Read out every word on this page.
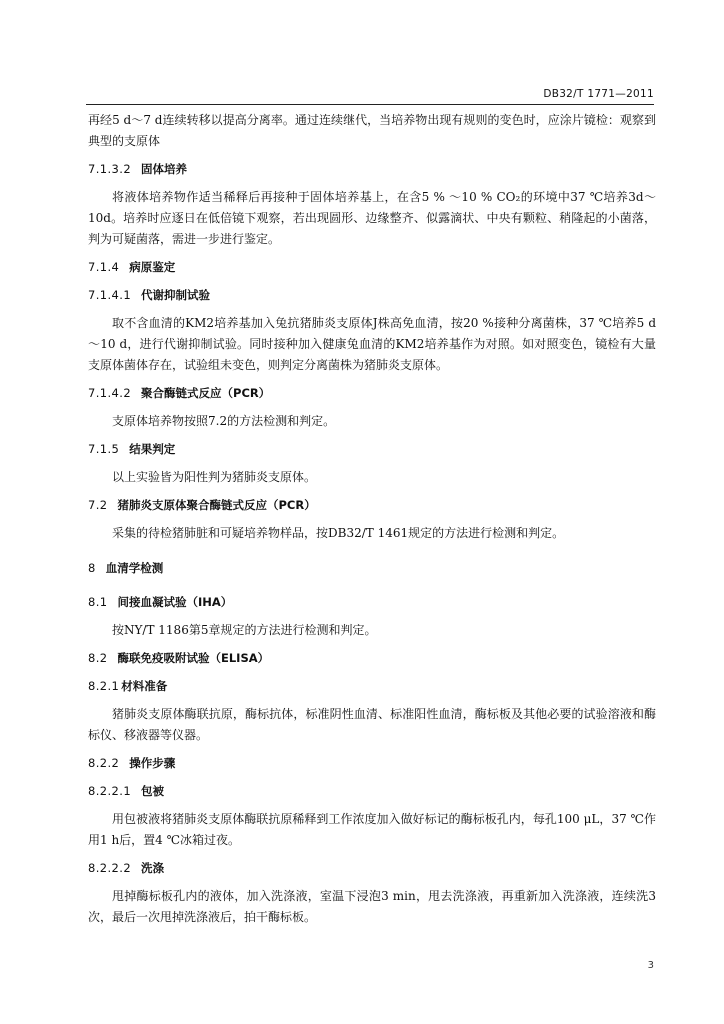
DB32/T 1771—2011

再经5 d～7 d连续转移以提高分离率。通过连续继代，当培养物出现有规则的变色时，应涂片镜检：观察到典型的支原体

7.1.3.2 固体培养

将液体培养物作适当稀释后再接种于固体培养基上，在含5 % ～10 % CO₂的环境中37 ℃培养3d～10d。培养时应逐日在低倍镜下观察，若出现圆形、边缘整齐、似露滴状、中央有颗粒、稍隆起的小菌落，判为可疑菌落，需进一步进行鉴定。

7.1.4 病原鉴定
7.1.4.1 代谢抑制试验

取不含血清的KM2培养基加入兔抗猪肺炎支原体J株高免血清，按20 %接种分离菌株，37 ℃培养5 d～10 d，进行代谢抑制试验。同时接种加入健康兔血清的KM2培养基作为对照。如对照变色，镜检有大量支原体菌体存在，试验组未变色，则判定分离菌株为猪肺炎支原体。

7.1.4.2 聚合酶链式反应（PCR）

支原体培养物按照7.2的方法检测和判定。

7.1.5 结果判定

以上实验皆为阳性判为猪肺炎支原体。

7.2 猪肺炎支原体聚合酶链式反应（PCR）

采集的待检猪肺脏和可疑培养物样品，按DB32/T 1461规定的方法进行检测和判定。

8 血清学检测
8.1 间接血凝试验（IHA）

按NY/T 1186第5章规定的方法进行检测和判定。

8.2 酶联免疫吸附试验（ELISA）
8.2.1 材料准备

猪肺炎支原体酶联抗原，酶标抗体，标准阴性血清、标准阳性血清，酶标板及其他必要的试验溶液和酶标仪、移液器等仪器。

8.2.2 操作步骤
8.2.2.1 包被

用包被液将猪肺炎支原体酶联抗原稀释到工作浓度加入做好标记的酶标板孔内，每孔100 μL，37 ℃作用1 h后，置4 ℃冰箱过夜。

8.2.2.2 洗涤

甩掉酶标板孔内的液体，加入洗涤液，室温下浸泡3 min，甩去洗涤液，再重新加入洗涤液，连续洗3次，最后一次甩掉洗涤液后，拍干酶标板。

3
